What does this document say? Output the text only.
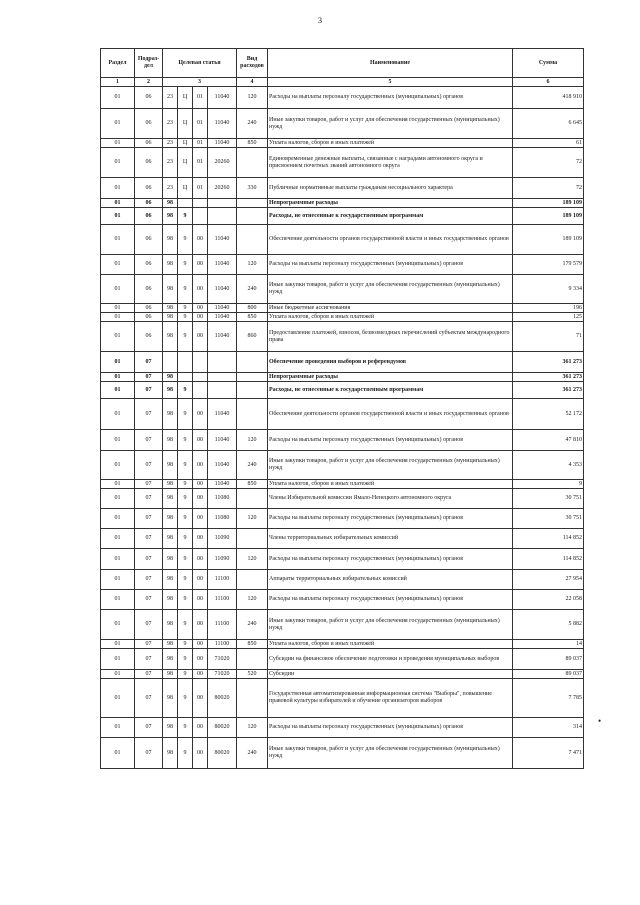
3
Раздел	Подраз-дел	Целевая статья				Вид расходов	Наименование	Сумма
1	2	3				4	5	6
01	06	23	Ц	01	11040	120	Расходы на выплаты персоналу государственных (муниципальных) органов	418 910
01	06	23	Ц	01	11040	240	Иные закупки товаров, работ и услуг для обеспечения государственных (муниципальных) нужд	6 645
01	06	23	Ц	01	11040	850	Уплата налогов, сборов и иных платежей	61
01	06	23	Ц	01	20260		Единовременные денежные выплаты, связанные с наградами автономного округа и присвоением почетных званий автономного округа	72
01	06	23	Ц	01	20260	330	Публичные нормативные выплаты гражданам несоциального характера	72
01	06	98					Непрограммные расходы	189 109
01	06	98	9				Расходы, не отнесенные к государственным программам	189 109
01	06	98	9	00	11040		Обеспечение деятельности органов государственной власти и иных государственных органов	189 109
01	06	98	9	00	11040	120	Расходы на выплаты персоналу государственных (муниципальных) органов	179 579
01	06	98	9	00	11040	240	Иные закупки товаров, работ и услуг для обеспечения государственных (муниципальных) нужд	9 334
01	06	98	9	00	11040	800	Иные бюджетные ассигнования	196
01	06	98	9	00	11040	850	Уплата налогов, сборов и иных платежей	125
01	06	98	9	00	11040	860	Предоставление платежей, взносов, безвозмездных перечислений субъектам международного права	71
01	07						Обеспечение проведения выборов и референдумов	361 273
01	07	98					Непрограммные расходы	361 273
01	07	98	9				Расходы, не отнесенные к государственным программам	361 273
01	07	98	9	00	11040		Обеспечение деятельности органов государственной власти и иных государственных органов	52 172
01	07	98	9	00	11040	120	Расходы на выплаты персоналу государственных (муниципальных) органов	47 810
01	07	98	9	00	11040	240	Иные закупки товаров, работ и услуг для обеспечения государственных (муниципальных) нужд	4 353
01	07	98	9	00	11040	850	Уплата налогов, сборов и иных платежей	9
01	07	98	9	00	11080		Члены Избирательной комиссии Ямало-Ненецкого автономного округа	30 751
01	07	98	9	00	11080	120	Расходы на выплаты персоналу государственных (муниципальных) органов	30 751
01	07	98	9	00	11090		Члены территориальных избирательных комиссий	114 852
01	07	98	9	00	11090	120	Расходы на выплаты персоналу государственных (муниципальных) органов	114 852
01	07	98	9	00	11100		Аппараты территориальных избирательных комиссий	27 954
01	07	98	9	00	11100	120	Расходы на выплаты персоналу государственных (муниципальных) органов	22 058
01	07	98	9	00	11100	240	Иные закупки товаров, работ и услуг для обеспечения государственных (муниципальных) нужд	5 882
01	07	98	9	00	11100	850	Уплата налогов, сборов и иных платежей	14
01	07	98	9	00	71020		Субсидии на финансовое обеспечение подготовки и проведения муниципальных выборов	89 037
01	07	98	9	00	71020	520	Субсидии	89 037
01	07	98	9	00	80020		Государственная автоматизированная информационная система "Выборы", повышение правовой культуры избирателей и обучение организаторов выборов	7 785
01	07	98	9	00	80020	120	Расходы на выплаты персоналу государственных (муниципальных) органов	314
01	07	98	9	00	80020	240	Иные закупки товаров, работ и услуг для обеспечения государственных (муниципальных) нужд	7 471
•
